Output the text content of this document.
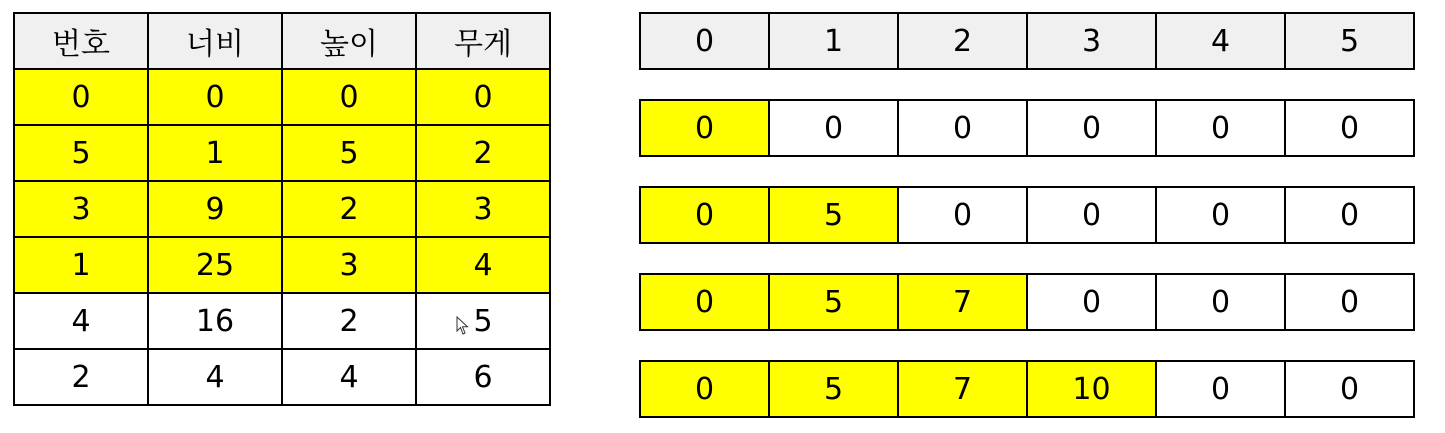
번호	너비	높이	무게
0	0	0	0
5	1	5	2
3	9	2	3
1	25	3	4
4	16	2	5
2	4	4	6
0	1	2	3	4	5
0	0	0	0	0	0
0	5	0	0	0	0
0	5	7	0	0	0
0	5	7	10	0	0
